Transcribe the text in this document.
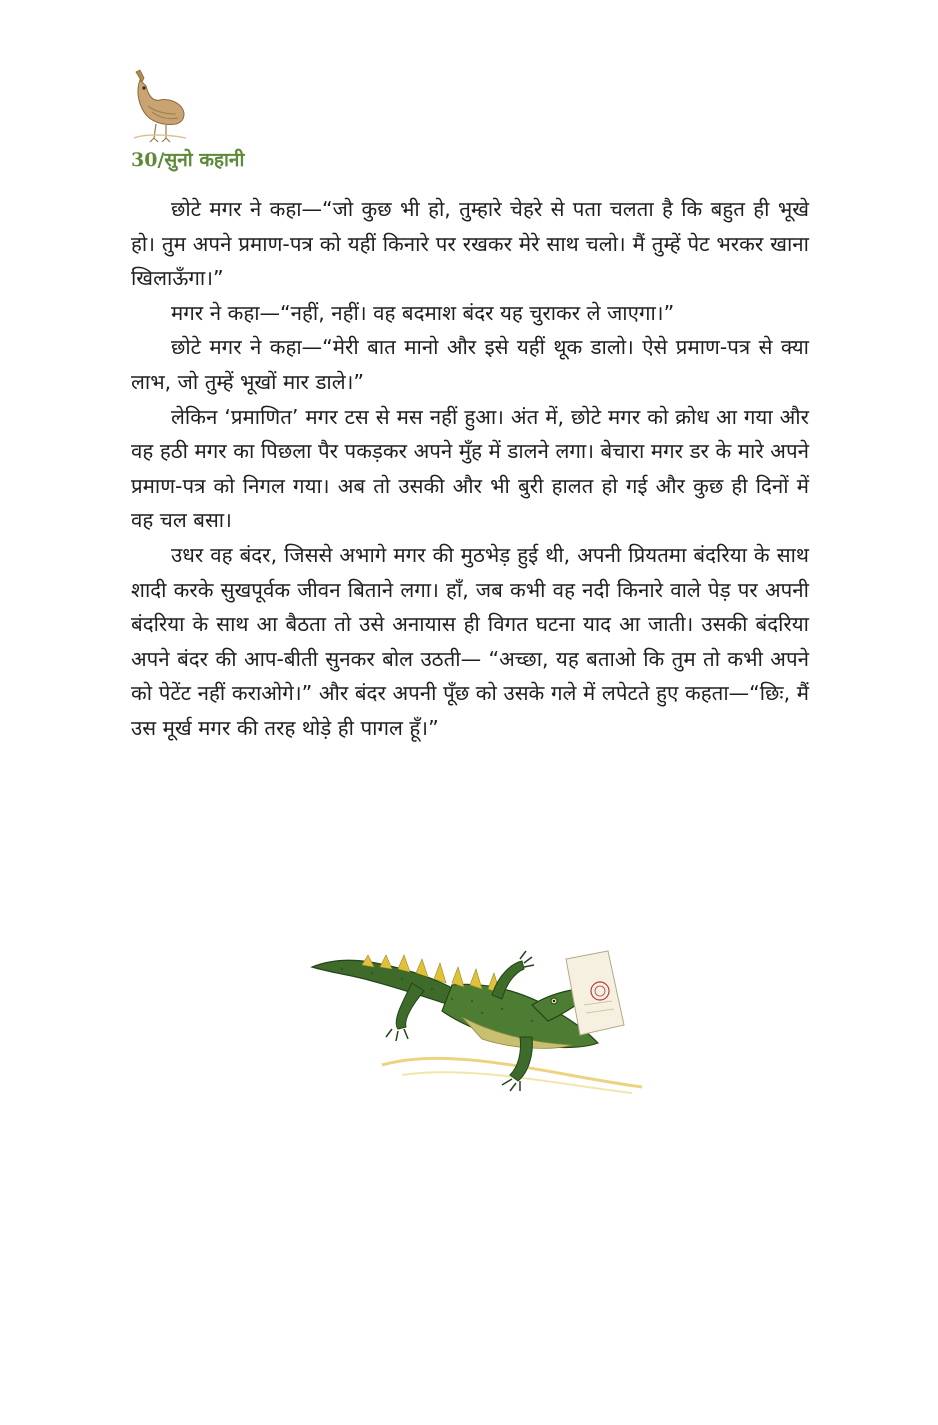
30/सुनो कहानी

छोटे मगर ने कहा—“जो कुछ भी हो, तुम्हारे चेहरे से पता चलता है कि बहुत ही भूखे हो। तुम अपने प्रमाण-पत्र को यहीं किनारे पर रखकर मेरे साथ चलो। मैं तुम्हें पेट भरकर खाना खिलाऊँगा।”

मगर ने कहा—“नहीं, नहीं। वह बदमाश बंदर यह चुराकर ले जाएगा।”

छोटे मगर ने कहा—“मेरी बात मानो और इसे यहीं थूक डालो। ऐसे प्रमाण-पत्र से क्या लाभ, जो तुम्हें भूखों मार डाले।”

लेकिन ‘प्रमाणित’ मगर टस से मस नहीं हुआ। अंत में, छोटे मगर को क्रोध आ गया और वह हठी मगर का पिछला पैर पकड़कर अपने मुँह में डालने लगा। बेचारा मगर डर के मारे अपने प्रमाण-पत्र को निगल गया। अब तो उसकी और भी बुरी हालत हो गई और कुछ ही दिनों में वह चल बसा।

उधर वह बंदर, जिससे अभागे मगर की मुठभेड़ हुई थी, अपनी प्रियतमा बंदरिया के साथ शादी करके सुखपूर्वक जीवन बिताने लगा। हाँ, जब कभी वह नदी किनारे वाले पेड़ पर अपनी बंदरिया के साथ आ बैठता तो उसे अनायास ही विगत घटना याद आ जाती। उसकी बंदरिया अपने बंदर की आप-बीती सुनकर बोल उठती— “अच्छा, यह बताओ कि तुम तो कभी अपने को पेटेंट नहीं कराओगे।” और बंदर अपनी पूँछ को उसके गले में लपेटते हुए कहता—“छिः, मैं उस मूर्ख मगर की तरह थोड़े ही पागल हूँ।”
